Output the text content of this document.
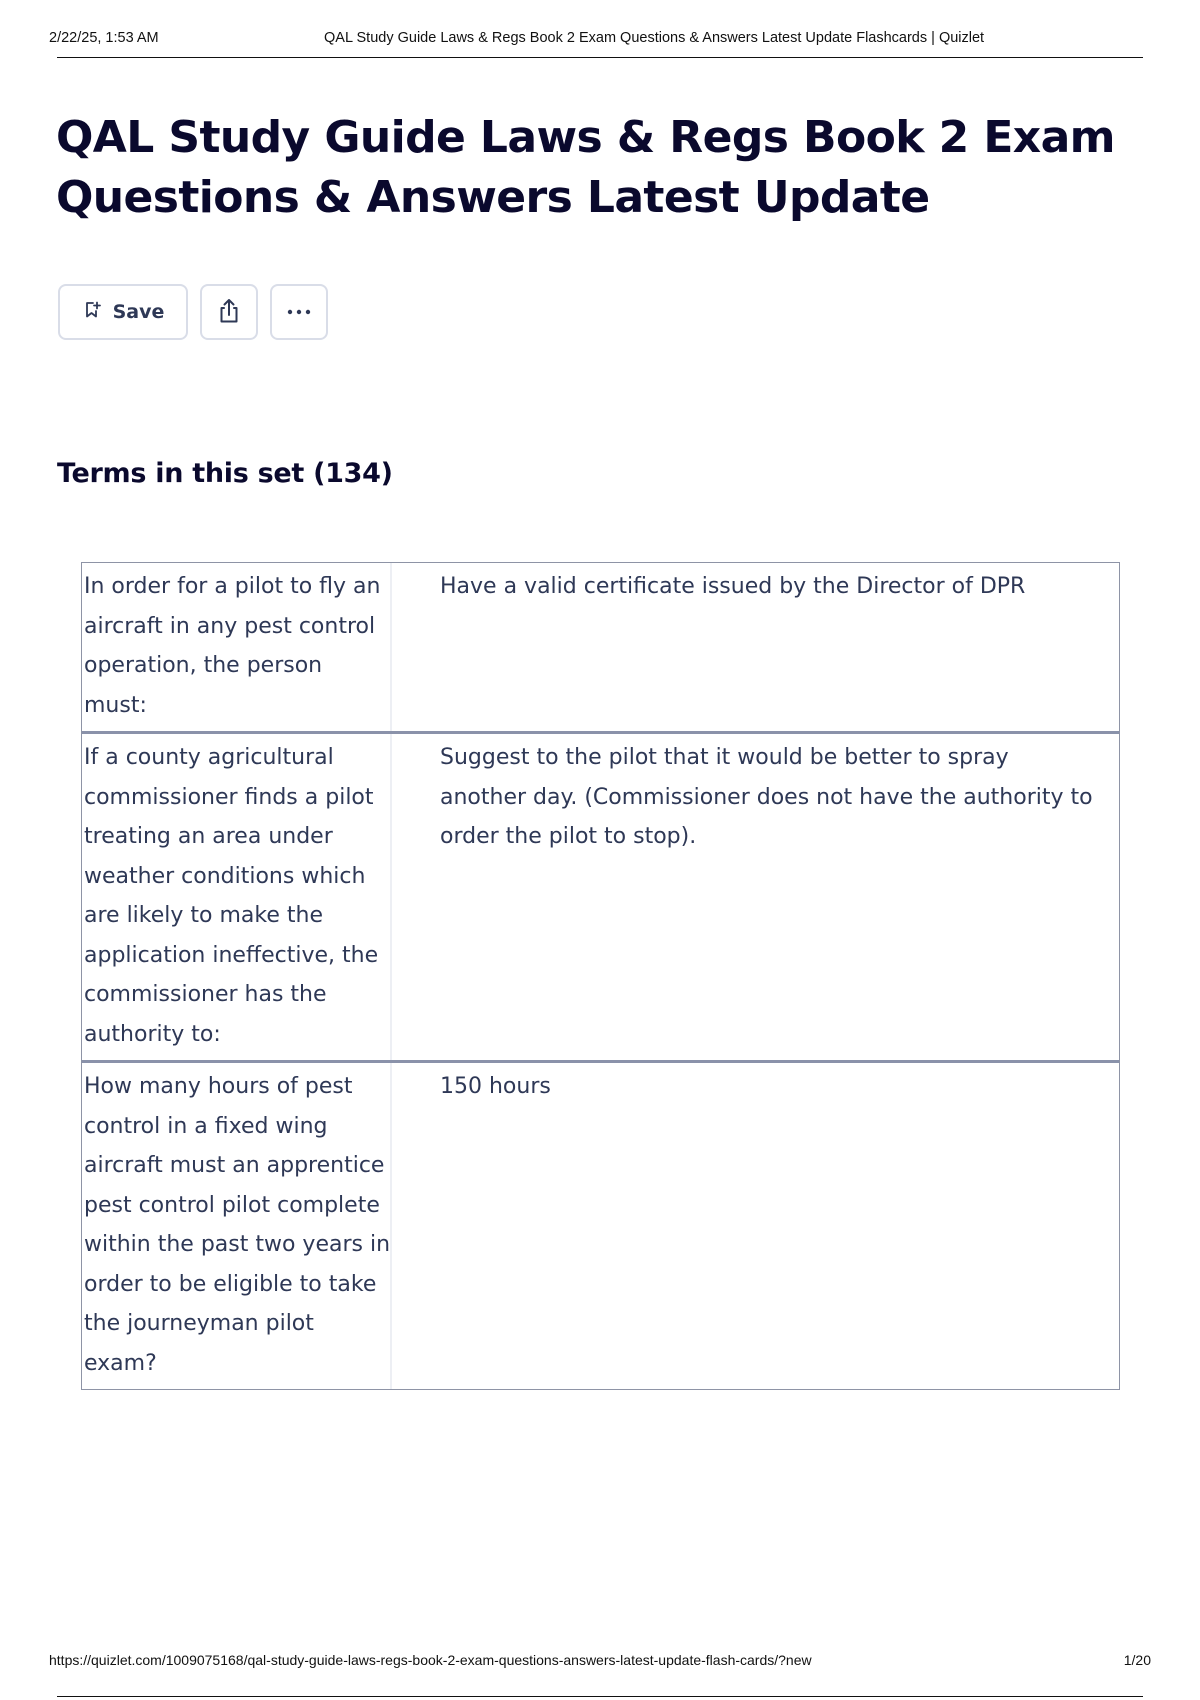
2/22/25, 1:53 AM	QAL Study Guide Laws & Regs Book 2 Exam Questions & Answers Latest Update Flashcards | Quizlet
QAL Study Guide Laws & Regs Book 2 Exam Questions & Answers Latest Update
Save
Terms in this set (134)
In order for a pilot to fly an aircraft in any pest control operation, the person must:
Have a valid certificate issued by the Director of DPR
If a county agricultural commissioner finds a pilot treating an area under weather conditions which are likely to make the application ineffective, the commissioner has the authority to:
Suggest to the pilot that it would be better to spray another day. (Commissioner does not have the authority to order the pilot to stop).
How many hours of pest control in a fixed wing aircraft must an apprentice pest control pilot complete within the past two years in order to be eligible to take the journeyman pilot exam?
150 hours
https://quizlet.com/1009075168/qal-study-guide-laws-regs-book-2-exam-questions-answers-latest-update-flash-cards/?new	1/20
